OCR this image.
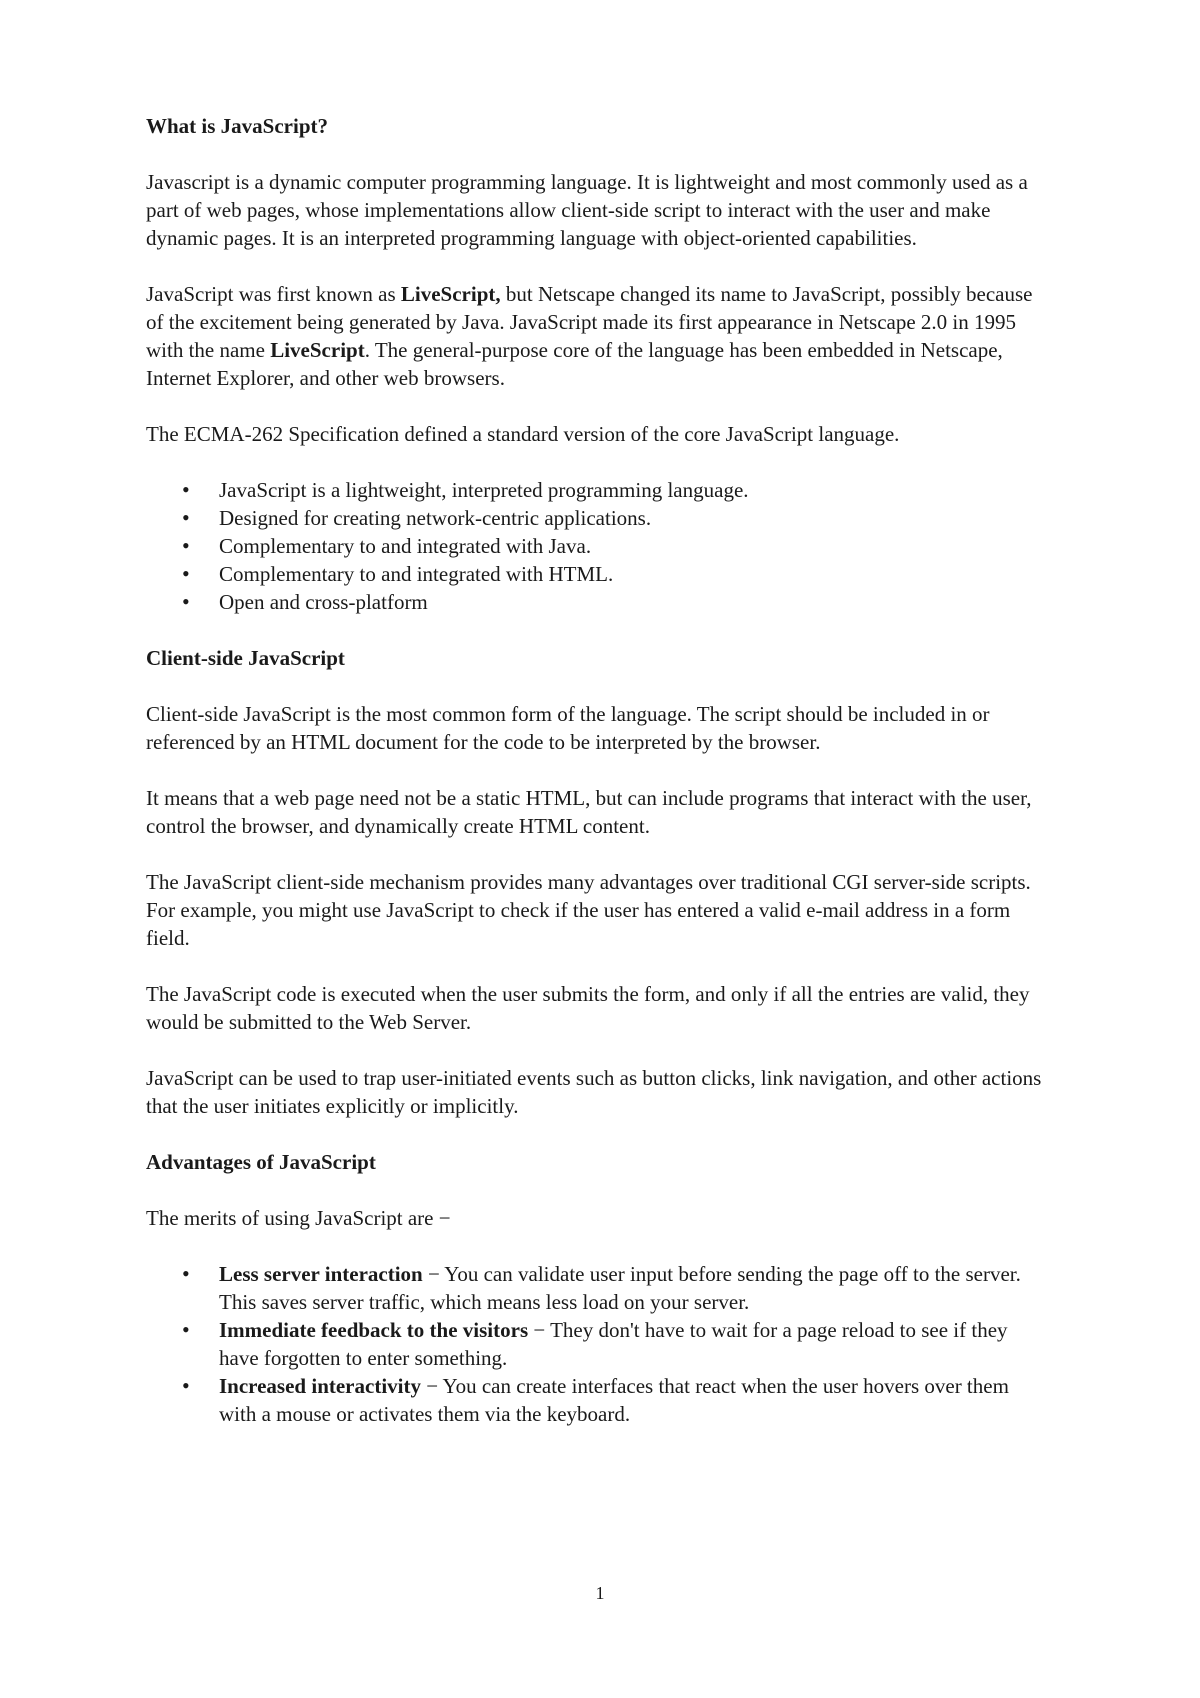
What is JavaScript?

Javascript is a dynamic computer programming language. It is lightweight and most commonly used as a part of web pages, whose implementations allow client-side script to interact with the user and make dynamic pages. It is an interpreted programming language with object-oriented capabilities.

JavaScript was first known as LiveScript, but Netscape changed its name to JavaScript, possibly because of the excitement being generated by Java. JavaScript made its first appearance in Netscape 2.0 in 1995 with the name LiveScript. The general-purpose core of the language has been embedded in Netscape, Internet Explorer, and other web browsers.

The ECMA-262 Specification defined a standard version of the core JavaScript language.

• JavaScript is a lightweight, interpreted programming language.
• Designed for creating network-centric applications.
• Complementary to and integrated with Java.
• Complementary to and integrated with HTML.
• Open and cross-platform
Client-side JavaScript

Client-side JavaScript is the most common form of the language. The script should be included in or referenced by an HTML document for the code to be interpreted by the browser.

It means that a web page need not be a static HTML, but can include programs that interact with the user, control the browser, and dynamically create HTML content.

The JavaScript client-side mechanism provides many advantages over traditional CGI server-side scripts. For example, you might use JavaScript to check if the user has entered a valid e-mail address in a form field.

The JavaScript code is executed when the user submits the form, and only if all the entries are valid, they would be submitted to the Web Server.

JavaScript can be used to trap user-initiated events such as button clicks, link navigation, and other actions that the user initiates explicitly or implicitly.

Advantages of JavaScript

The merits of using JavaScript are −

• Less server interaction − You can validate user input before sending the page off to the server. This saves server traffic, which means less load on your server.
• Immediate feedback to the visitors − They don't have to wait for a page reload to see if they have forgotten to enter something.
• Increased interactivity − You can create interfaces that react when the user hovers over them with a mouse or activates them via the keyboard.
1
